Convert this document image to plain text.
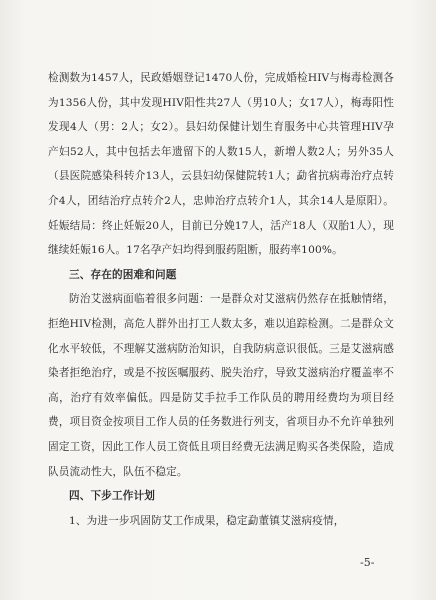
检测数为1457人，民政婚姻登记1470人份，完成婚检HIV与梅毒检测各为1356人份，其中发现HIV阳性共27人（男10人；女17人），梅毒阳性发现4人（男：2人；女2）。县妇幼保健计划生育服务中心共管理HIV孕产妇52人，其中包括去年遗留下的人数15人，新增人数2人；另外35人（县医院感染科转介13人，云县妇幼保健院转1人；勐省抗病毒治疗点转介4人，团结治疗点转介2人，忠帅治疗点转介1人，其余14人是原阳）。妊娠结局：终止妊娠20人，目前已分娩17人，活产18人（双胎1人），现继续妊娠16人。17名孕产妇均得到服药阻断，服药率100%。

三、存在的困难和问题

防治艾滋病面临着很多问题：一是群众对艾滋病仍然存在抵触情绪，拒绝HIV检测，高危人群外出打工人数太多，难以追踪检测。二是群众文化水平较低，不理解艾滋病防治知识，自我防病意识很低。三是艾滋病感染者拒绝治疗，或是不按医嘱服药、脱失治疗，导致艾滋病治疗覆盖率不高，治疗有效率偏低。四是防艾手拉手工作队员的聘用经费均为项目经费，项目资金按项目工作人员的任务数进行列支，省项目办不允许单独列固定工资，因此工作人员工资低且项目经费无法满足购买各类保险，造成队员流动性大，队伍不稳定。

四、下步工作计划

1、为进一步巩固防艾工作成果，稳定勐董镇艾滋病疫情，

-5-
